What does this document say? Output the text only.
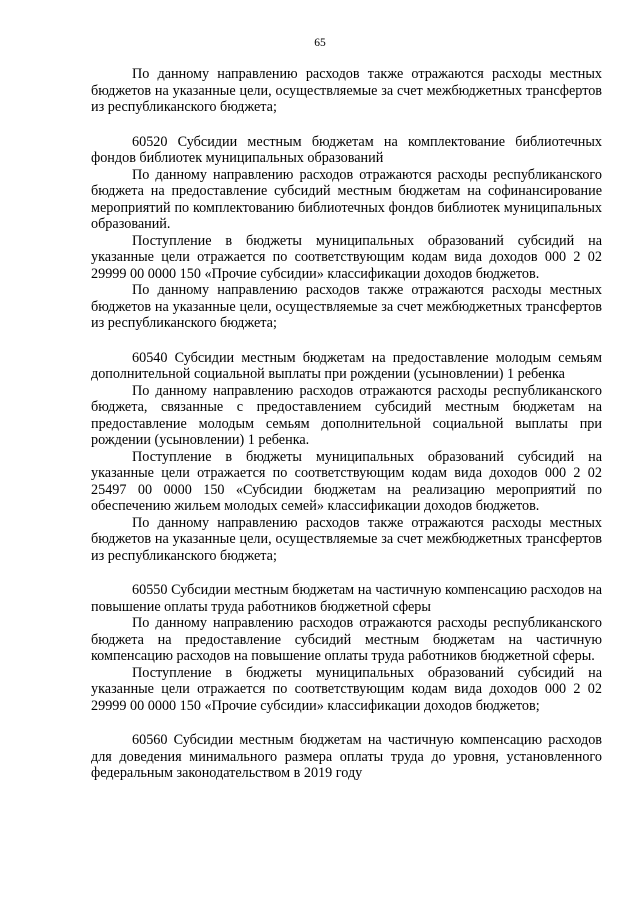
65

По данному направлению расходов также отражаются расходы местных бюджетов на указанные цели, осуществляемые за счет межбюджетных трансфертов из республиканского бюджета;

60520 Субсидии местным бюджетам на комплектование библиотечных фондов библиотек муниципальных образований

По данному направлению расходов отражаются расходы республиканского бюджета на предоставление субсидий местным бюджетам на софинансирование мероприятий по комплектованию библиотечных фондов библиотек муниципальных образований.

Поступление в бюджеты муниципальных образований субсидий на указанные цели отражается по соответствующим кодам вида доходов 000 2 02 29999 00 0000 150 «Прочие субсидии» классификации доходов бюджетов.

По данному направлению расходов также отражаются расходы местных бюджетов на указанные цели, осуществляемые за счет межбюджетных трансфертов из республиканского бюджета;

60540 Субсидии местным бюджетам на предоставление молодым семьям дополнительной социальной выплаты при рождении (усыновлении) 1 ребенка

По данному направлению расходов отражаются расходы республиканского бюджета, связанные с предоставлением субсидий местным бюджетам на предоставление молодым семьям дополнительной социальной выплаты при рождении (усыновлении) 1 ребенка.

Поступление в бюджеты муниципальных образований субсидий на указанные цели отражается по соответствующим кодам вида доходов 000 2 02 25497 00 0000 150 «Субсидии бюджетам на реализацию мероприятий по обеспечению жильем молодых семей» классификации доходов бюджетов.

По данному направлению расходов также отражаются расходы местных бюджетов на указанные цели, осуществляемые за счет межбюджетных трансфертов из республиканского бюджета;

60550 Субсидии местным бюджетам на частичную компенсацию расходов на повышение оплаты труда работников бюджетной сферы

По данному направлению расходов отражаются расходы республиканского бюджета на предоставление субсидий местным бюджетам на частичную компенсацию расходов на повышение оплаты труда работников бюджетной сферы.

Поступление в бюджеты муниципальных образований субсидий на указанные цели отражается по соответствующим кодам вида доходов 000 2 02 29999 00 0000 150 «Прочие субсидии» классификации доходов бюджетов;

60560 Субсидии местным бюджетам на частичную компенсацию расходов для доведения минимального размера оплаты труда до уровня, установленного федеральным законодательством в 2019 году
